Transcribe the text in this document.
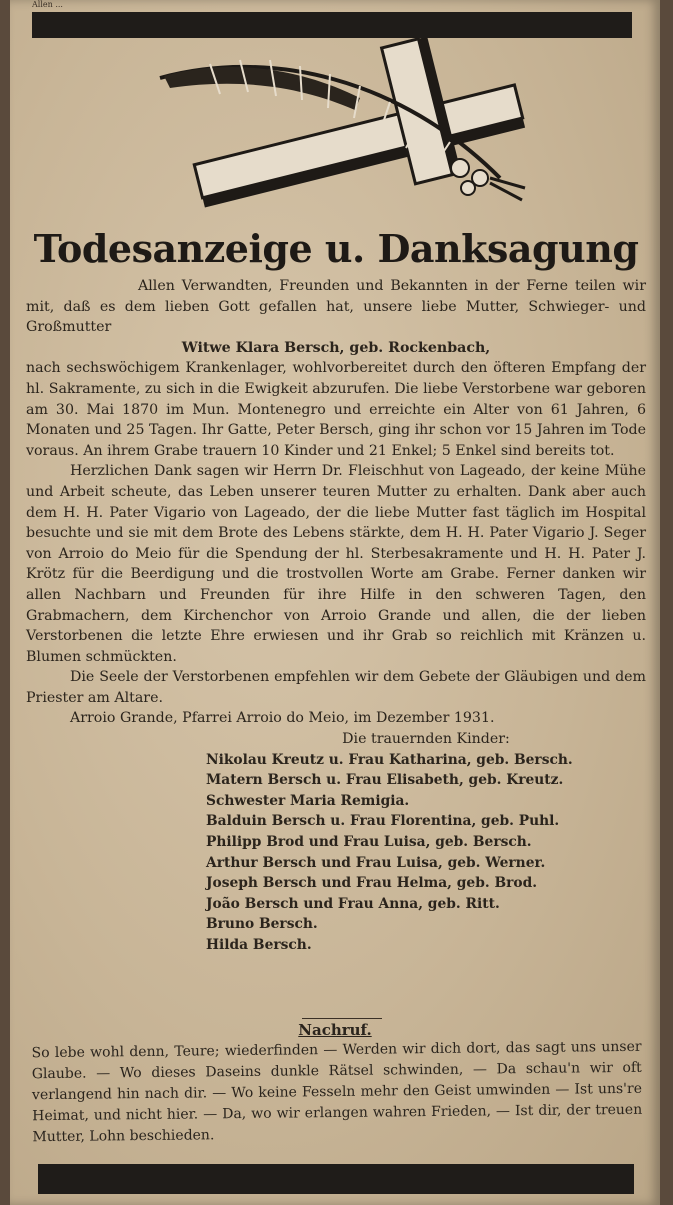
Allen ...
Todesanzeige u. Danksagung

Allen Verwandten, Freunden und Bekannten in der Ferne teilen wir mit, daß es dem lieben Gott gefallen hat, unsere liebe Mutter, Schwieger- und Großmutter

Witwe Klara Bersch, geb. Rockenbach,

nach sechswöchigem Krankenlager, wohlvorbereitet durch den öfteren Empfang der hl. Sakramente, zu sich in die Ewigkeit abzurufen. Die liebe Verstorbene war geboren am 30. Mai 1870 im Mun. Montenegro und erreichte ein Alter von 61 Jahren, 6 Monaten und 25 Tagen. Ihr Gatte, Peter Bersch, ging ihr schon vor 15 Jahren im Tode voraus. An ihrem Grabe trauern 10 Kinder und 21 Enkel; 5 Enkel sind bereits tot.

Herzlichen Dank sagen wir Herrn Dr. Fleischhut von Lageado, der keine Mühe und Arbeit scheute, das Leben unserer teuren Mutter zu erhalten. Dank aber auch dem H. H. Pater Vigario von Lageado, der die liebe Mutter fast täglich im Hospital besuchte und sie mit dem Brote des Lebens stärkte, dem H. H. Pater Vigario J. Seger von Arroio do Meio für die Spendung der hl. Sterbesakramente und H. H. Pater J. Krötz für die Beerdigung und die trostvollen Worte am Grabe. Ferner danken wir allen Nachbarn und Freunden für ihre Hilfe in den schweren Tagen, den Grabmachern, dem Kirchenchor von Arroio Grande und allen, die der lieben Verstorbenen die letzte Ehre erwiesen und ihr Grab so reichlich mit Kränzen u. Blumen schmückten.

Die Seele der Verstorbenen empfehlen wir dem Gebete der Gläubigen und dem Priester am Altare.

Arroio Grande, Pfarrei Arroio do Meio, im Dezember 1931.

Die trauernden Kinder:

Nikolau Kreutz u. Frau Katharina, geb. Bersch.
Matern Bersch u. Frau Elisabeth, geb. Kreutz.
Schwester Maria Remigia.
Balduin Bersch u. Frau Florentina, geb. Puhl.
Philipp Brod und Frau Luisa, geb. Bersch.
Arthur Bersch und Frau Luisa, geb. Werner.
Joseph Bersch und Frau Helma, geb. Brod.
João Bersch und Frau Anna, geb. Ritt.
Bruno Bersch.
Hilda Bersch.
Nachruf.

So lebe wohl denn, Teure; wiederfinden — Werden wir dich dort, das sagt uns unser Glaube. — Wo dieses Daseins dunkle Rätsel schwinden, — Da schau'n wir oft verlangend hin nach dir. — Wo keine Fesseln mehr den Geist umwinden — Ist uns're Heimat, und nicht hier. — Da, wo wir erlangen wahren Frieden, — Ist dir, der treuen Mutter, Lohn beschieden.
